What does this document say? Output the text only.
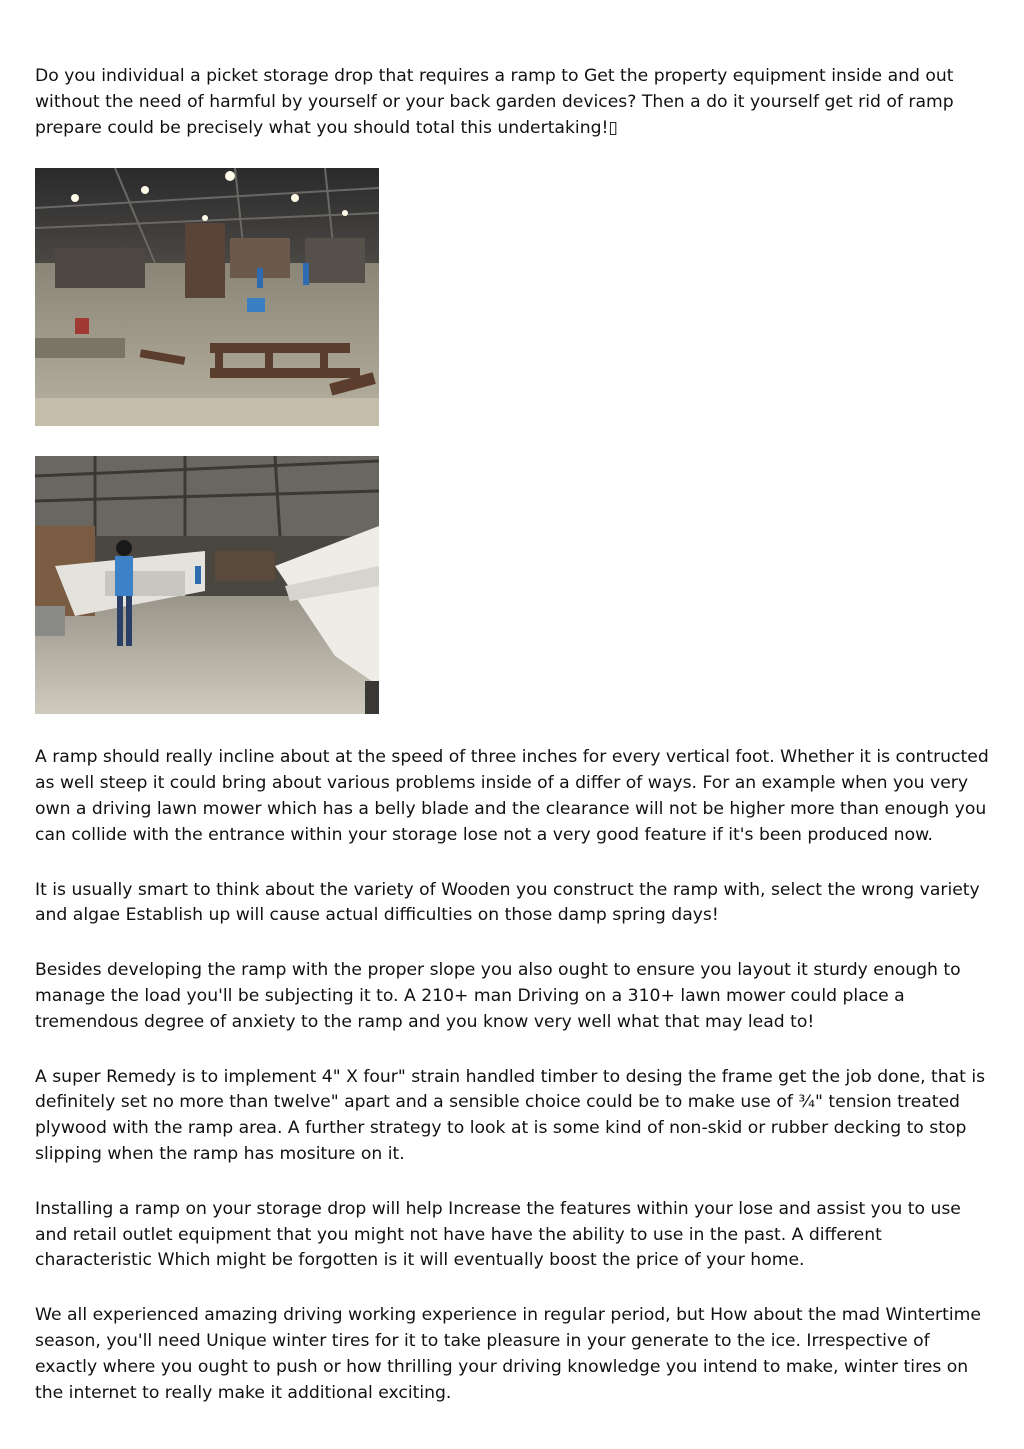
Do you individual a picket storage drop that requires a ramp to Get the property equipment inside and out without the need of harmful by yourself or your back garden devices? Then a do it yourself get rid of ramp prepare could be precisely what you should total this undertaking!▯

A ramp should really incline about at the speed of three inches for every vertical foot. Whether it is contructed as well steep it could bring about various problems inside of a differ of ways. For an example when you very own a driving lawn mower which has a belly blade and the clearance will not be higher more than enough you can collide with the entrance within your storage lose not a very good feature if it's been produced now.

It is usually smart to think about the variety of Wooden you construct the ramp with, select the wrong variety and algae Establish up will cause actual difficulties on those damp spring days!

Besides developing the ramp with the proper slope you also ought to ensure you layout it sturdy enough to manage the load you'll be subjecting it to. A 210+ man Driving on a 310+ lawn mower could place a tremendous degree of anxiety to the ramp and you know very well what that may lead to!

A super Remedy is to implement 4" X four" strain handled timber to desing the frame get the job done, that is definitely set no more than twelve" apart and a sensible choice could be to make use of ¾" tension treated plywood with the ramp area. A further strategy to look at is some kind of non-skid or rubber decking to stop slipping when the ramp has mositure on it.

Installing a ramp on your storage drop will help Increase the features within your lose and assist you to use and retail outlet equipment that you might not have have the ability to use in the past. A different characteristic Which might be forgotten is it will eventually boost the price of your home.

We all experienced amazing driving working experience in regular period, but How about the mad Wintertime season, you'll need Unique winter tires for it to take pleasure in your generate to the ice. Irrespective of exactly where you ought to push or how thrilling your driving knowledge you intend to make, winter tires on the internet to really make it additional exciting.
